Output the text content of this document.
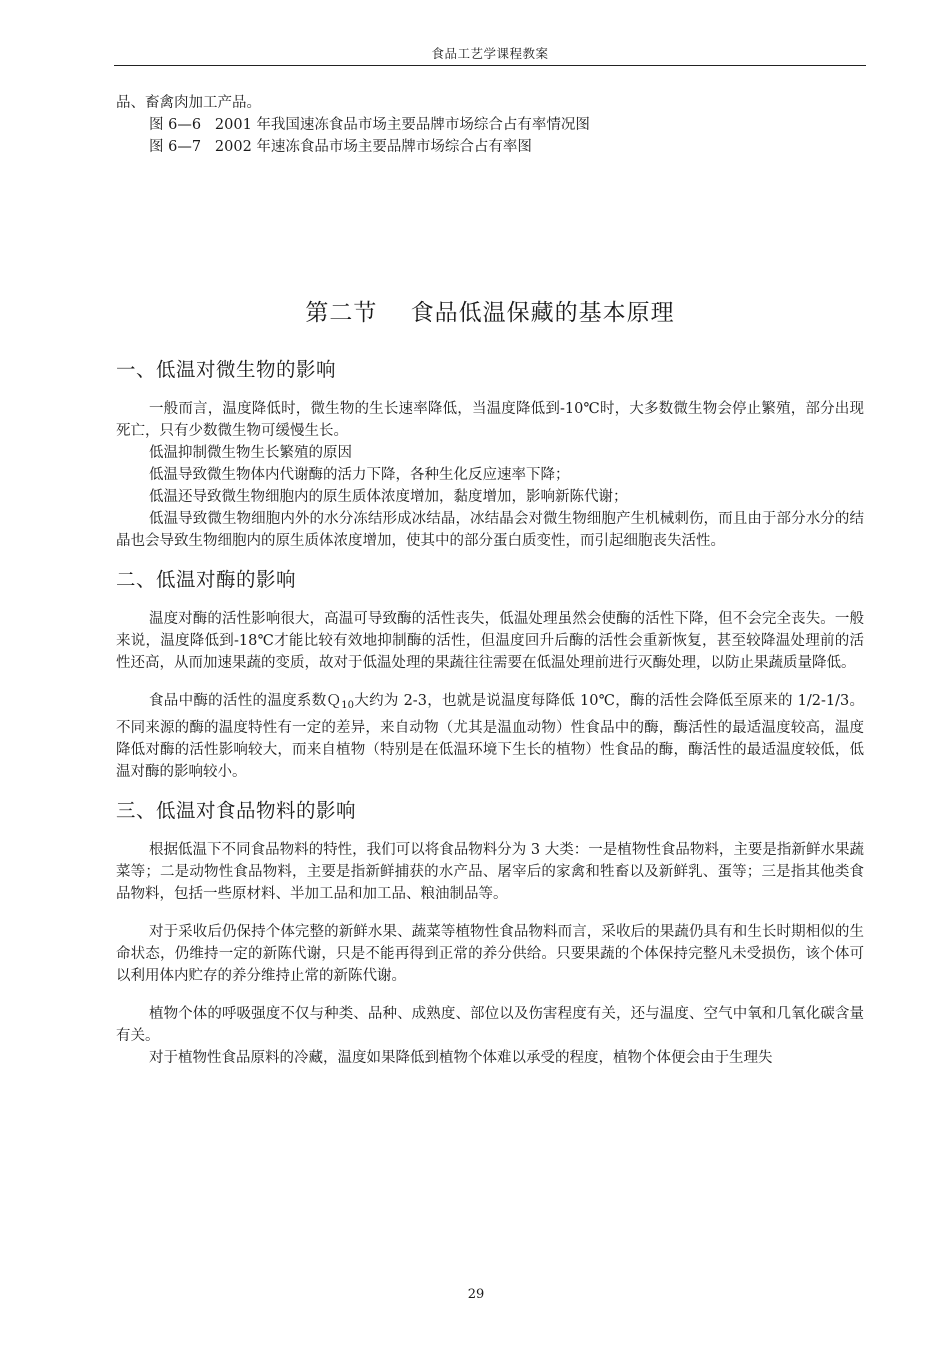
食品工艺学课程教案

品、畜禽肉加工产品。

图 6—6   2001 年我国速冻食品市场主要品牌市场综合占有率情况图

图 6—7   2002 年速冻食品市场主要品牌市场综合占有率图

第二节    食品低温保藏的基本原理
一、低温对微生物的影响

一般而言，温度降低时，微生物的生长速率降低，当温度降低到-10℃时，大多数微生物会停止繁殖，部分出现死亡，只有少数微生物可缓慢生长。

低温抑制微生物生长繁殖的原因

低温导致微生物体内代谢酶的活力下降，各种生化反应速率下降；

低温还导致微生物细胞内的原生质体浓度增加，黏度增加，影响新陈代谢；

低温导致微生物细胞内外的水分冻结形成冰结晶，冰结晶会对微生物细胞产生机械刺伤，而且由于部分水分的结晶也会导致生物细胞内的原生质体浓度增加，使其中的部分蛋白质变性，而引起细胞丧失活性。

二、低温对酶的影响

温度对酶的活性影响很大，高温可导致酶的活性丧失，低温处理虽然会使酶的活性下降，但不会完全丧失。一般来说，温度降低到-18℃才能比较有效地抑制酶的活性，但温度回升后酶的活性会重新恢复，甚至较降温处理前的活性还高，从而加速果蔬的变质，故对于低温处理的果蔬往往需要在低温处理前进行灭酶处理，以防止果蔬质量降低。

食品中酶的活性的温度系数Ｑ$_{10}$大约为 2-3，也就是说温度每降低 10℃，酶的活性会降低至原来的 1/2-1/3。不同来源的酶的温度特性有一定的差异，来自动物（尤其是温血动物）性食品中的酶，酶活性的最适温度较高，温度降低对酶的活性影响较大，而来自植物（特别是在低温环境下生长的植物）性食品的酶，酶活性的最适温度较低，低温对酶的影响较小。

三、低温对食品物料的影响

根据低温下不同食品物料的特性，我们可以将食品物料分为 3 大类：一是植物性食品物料，主要是指新鲜水果蔬菜等；二是动物性食品物料，主要是指新鲜捕获的水产品、屠宰后的家禽和牲畜以及新鲜乳、蛋等；三是指其他类食品物料，包括一些原材料、半加工品和加工品、粮油制品等。

对于采收后仍保持个体完整的新鲜水果、蔬菜等植物性食品物料而言，采收后的果蔬仍具有和生长时期相似的生命状态，仍维持一定的新陈代谢，只是不能再得到正常的养分供给。只要果蔬的个体保持完整凡未受损伤，该个体可以利用体内贮存的养分维持止常的新陈代谢。

植物个体的呼吸强度不仅与种类、品种、成熟度、部位以及伤害程度有关，还与温度、空气中氧和几氧化碳含量有关。

对于植物性食品原料的冷藏，温度如果降低到植物个体难以承受的程度，植物个体便会由于生理失

29
